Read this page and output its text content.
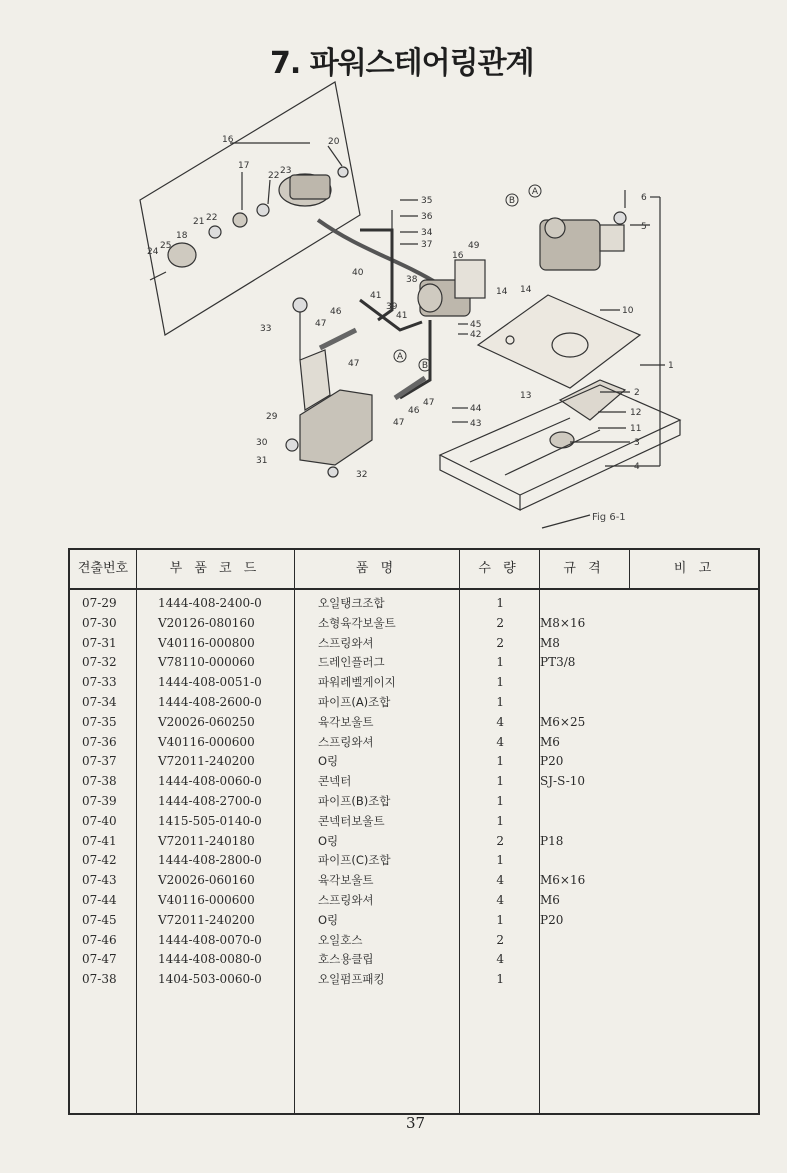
7. 파워스테어링관계
A
B
A
B	1
2
3
4
5
6
10
11
12
13
14 14
16
16
17
18
20
21 22
22 23
24
25
29
30
31
32
33
34
35
36
37
38
39
40
41
41
42
43
44
45
46
46
47
47
47
47
49
Fig 6-1
견출번호	부 품 코 드	품 명	수 량	규 격	비 고
07-29	1444-408-2400-0	오일탱크조합	1
07-30	V20126-080160	소형육각보울트	2	M8×16
07-31	V40116-000800	스프링와셔	2	M8
07-32	V78110-000060	드레인플러그	1	PT3/8
07-33	1444-408-0051-0	파워레벨게이지	1
07-34	1444-408-2600-0	파이프(A)조합	1
07-35	V20026-060250	육각보울트	4	M6×25
07-36	V40116-000600	스프링와셔	4	M6
07-37	V72011-240200	O링	1	P20
07-38	1444-408-0060-0	콘넥터	1	SJ-S-10
07-39	1444-408-2700-0	파이프(B)조합	1
07-40	1415-505-0140-0	콘넥터보울트	1
07-41	V72011-240180	O링	2	P18
07-42	1444-408-2800-0	파이프(C)조합	1
07-43	V20026-060160	육각보울트	4	M6×16
07-44	V40116-000600	스프링와셔	4	M6
07-45	V72011-240200	O링	1	P20
07-46	1444-408-0070-0	오일호스	2
07-47	1444-408-0080-0	호스용클립	4
07-38	1404-503-0060-0	오일펌프패킹	1
37
